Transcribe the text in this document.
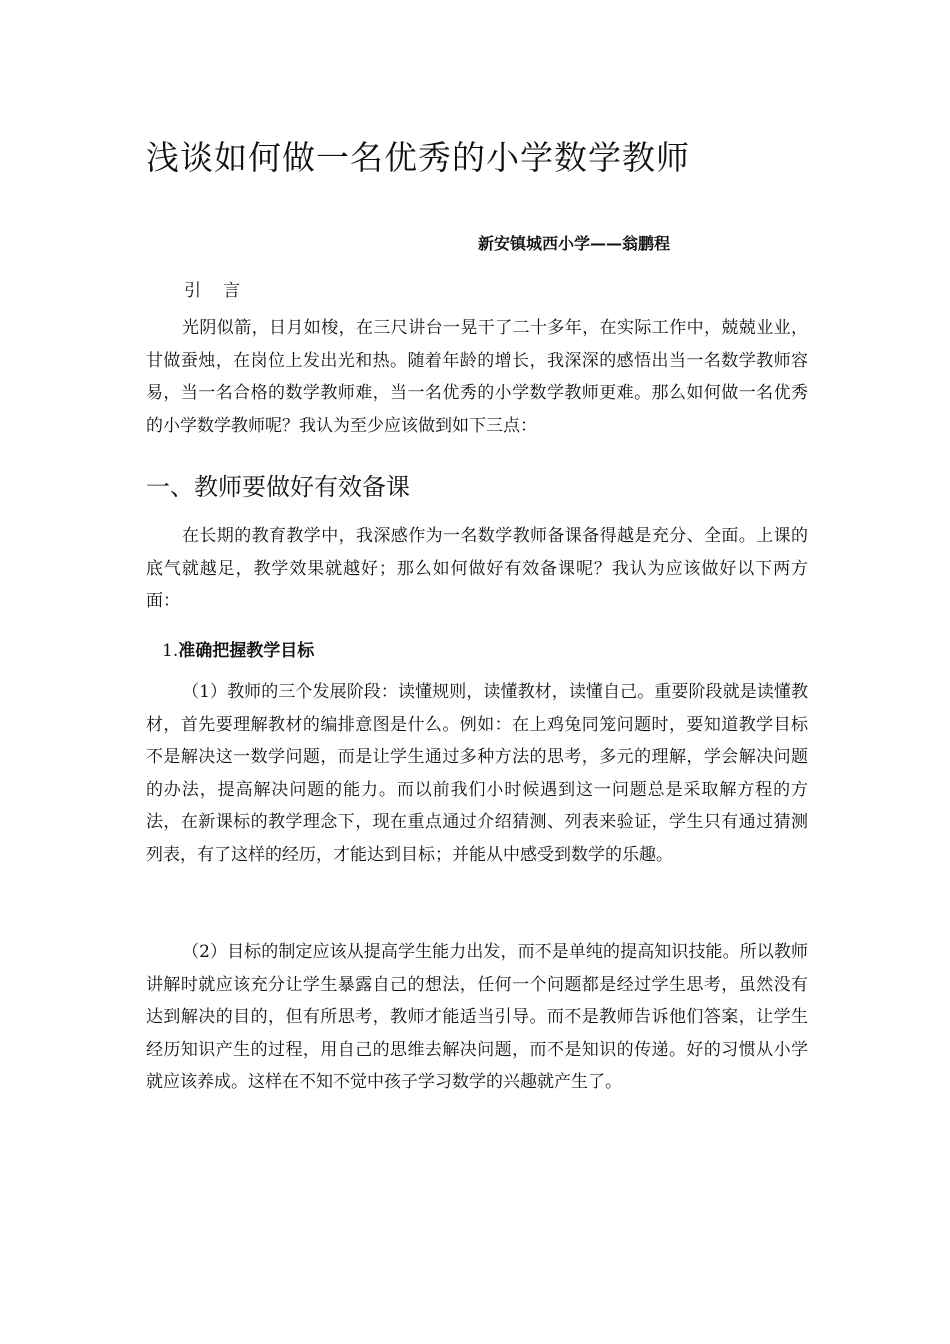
浅谈如何做一名优秀的小学数学教师
新安镇城西小学——翁鹏程
引言

光阴似箭，日月如梭，在三尺讲台一晃干了二十多年，在实际工作中，兢兢业业，甘做蚕烛，在岗位上发出光和热。随着年龄的增长，我深深的感悟出当一名数学教师容易，当一名合格的数学教师难，当一名优秀的小学数学教师更难。那么如何做一名优秀的小学数学教师呢？我认为至少应该做到如下三点：

一、教师要做好有效备课

在长期的教育教学中，我深感作为一名数学教师备课备得越是充分、全面。上课的底气就越足，教学效果就越好；那么如何做好有效备课呢？我认为应该做好以下两方面：

1.准确把握教学目标

（1）教师的三个发展阶段：读懂规则，读懂教材，读懂自己。重要阶段就是读懂教材，首先要理解教材的编排意图是什么。例如：在上鸡兔同笼问题时，要知道教学目标不是解决这一数学问题，而是让学生通过多种方法的思考，多元的理解，学会解决问题的办法，提高解决问题的能力。而以前我们小时候遇到这一问题总是采取解方程的方法，在新课标的教学理念下，现在重点通过介绍猜测、列表来验证，学生只有通过猜测列表，有了这样的经历，才能达到目标；并能从中感受到数学的乐趣。

（2）目标的制定应该从提高学生能力出发，而不是单纯的提高知识技能。所以教师讲解时就应该充分让学生暴露自己的想法，任何一个问题都是经过学生思考，虽然没有达到解决的目的，但有所思考，教师才能适当引导。而不是教师告诉他们答案，让学生经历知识产生的过程，用自己的思维去解决问题，而不是知识的传递。好的习惯从小学就应该养成。这样在不知不觉中孩子学习数学的兴趣就产生了。
